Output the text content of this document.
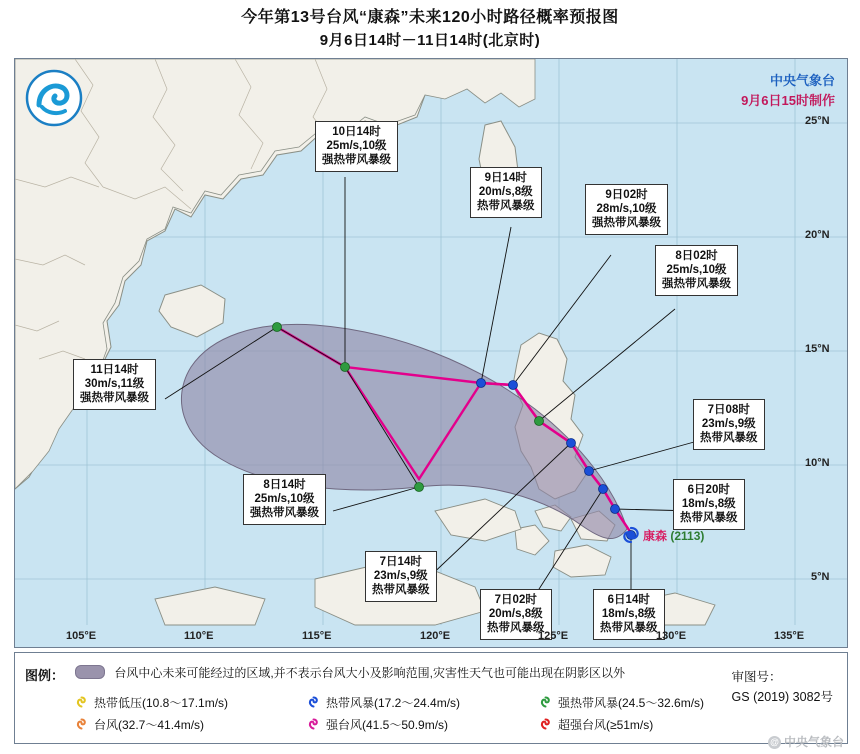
今年第13号台风“康森”未来120小时路径概率预报图
9月6日14时－11日14时(北京时)
中央气象台
9月6日15时制作
10日14时
25m/s,10级
强热带风暴级
9日14时
20m/s,8级
热带风暴级
9日02时
28m/s,10级
强热带风暴级
8日02时
25m/s,10级
强热带风暴级
11日14时
30m/s,11级
强热带风暴级
7日08时
23m/s,9级
热带风暴级
6日20时
18m/s,8级
热带风暴级
8日14时
25m/s,10级
强热带风暴级
7日14时
23m/s,9级
热带风暴级
7日02时
20m/s,8级
热带风暴级
6日14时
18m/s,8级
热带风暴级
康森 (2113)
25°N
20°N
15°N
10°N
5°N
105°E	110°E	115°E	120°E	125°E	130°E	135°E
图例：	台风中心未来可能经过的区域,并不表示台风大小及影响范围,灾害性天气也可能出现在阴影区以外
热带低压(10.8～17.1m/s)	热带风暴(17.2～24.4m/s)	强热带风暴(24.5～32.6m/s)
台风(32.7～41.4m/s)	强台风(41.5～50.9m/s)	超强台风(≥51m/s)
审图号：
GS (2019) 3082号
@ 中央气象台
